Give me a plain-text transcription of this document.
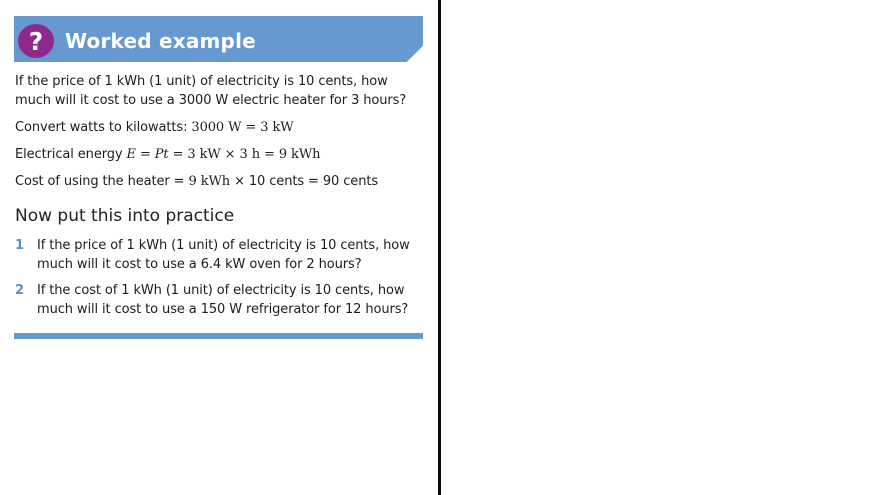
?	Worked example
If the price of 1 kWh (1 unit) of electricity is 10 cents, how
much will it cost to use a 3000 W electric heater for 3 hours?
Convert watts to kilowatts: 3000 W = 3 kW
Electrical energy E = Pt = 3 kW × 3 h = 9 kWh
Cost of using the heater = 9 kWh × 10 cents = 90 cents
Now put this into practice
1 If the price of 1 kWh (1 unit) of electricity is 10 cents, how
much will it cost to use a 6.4 kW oven for 2 hours?
2 If the cost of 1 kWh (1 unit) of electricity is 10 cents, how
much will it cost to use a 150 W refrigerator for 12 hours?
